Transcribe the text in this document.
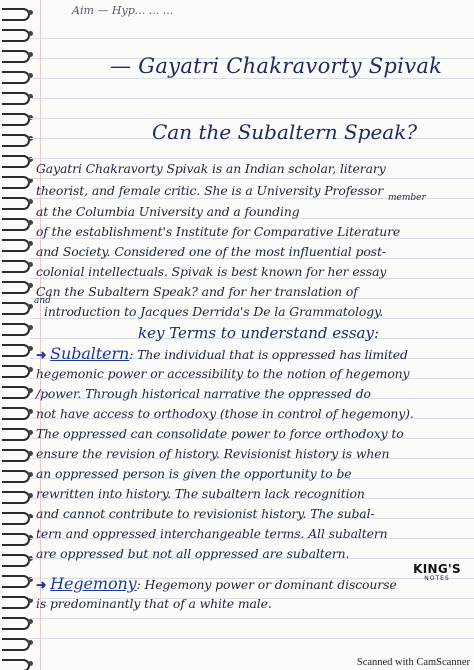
Aim — Hyp... ... ...
— Gayatri Chakravorty Spivak
Can the Subaltern Speak?
Gayatri Chakravorty Spivak is an Indian scholar, literary
theorist, and female critic. She is a University Professor member
at the Columbia University and a founding
of the establishment's Institute for Comparative Literature
and Society. Considered one of the most influential post-
colonial intellectuals. Spivak is best known for her essay
Can the Subaltern Speak? and for her translation of
and
introduction to Jacques Derrida's De la Grammatology.
key Terms to understand essay:
➜ Subaltern: The individual that is oppressed has limited
hegemonic power or accessibility to the notion of hegemony
/power. Through historical narrative the oppressed do
not have access to orthodoxy (those in control of hegemony).
The oppressed can consolidate power to force orthodoxy to
ensure the revision of history. Revisionist history is when
an oppressed person is given the opportunity to be
rewritten into history. The subaltern lack recognition
and cannot contribute to revisionist history. The subal-
tern and oppressed interchangeable terms. All subaltern
are oppressed but not all oppressed are subaltern.
➜ Hegemony: Hegemony power or dominant discourse
is predominantly that of a white male.
KING'S
NOTES
Scanned with CamScanner
